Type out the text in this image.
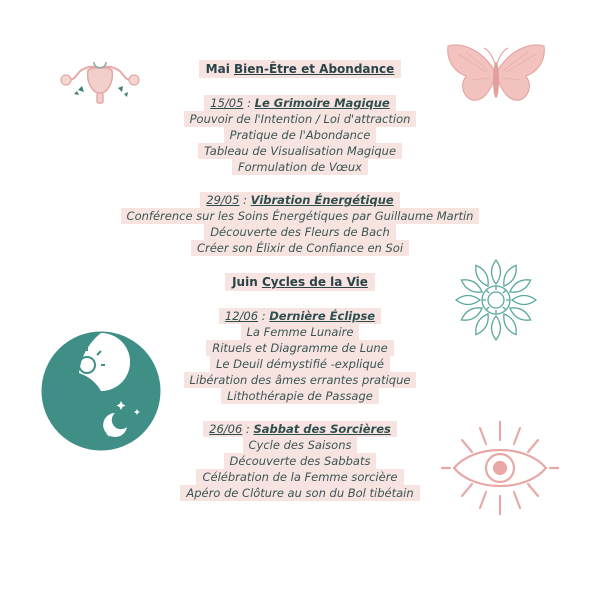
Mai Bien-Être et Abondance
15/05 : Le Grimoire Magique
Pouvoir de l'Intention / Loi d'attraction
Pratique de l'Abondance
Tableau de Visualisation Magique
Formulation de Vœux
29/05 : Vibration Énergétique
Conférence sur les Soins Énergétiques par Guillaume Martin
Découverte des Fleurs de Bach
Créer son Élixir de Confiance en Soi
Juin Cycles de la Vie
12/06 : Dernière Éclipse
La Femme Lunaire
Rituels et Diagramme de Lune
Le Deuil démystifié -expliqué
Libération des âmes errantes pratique
Lithothérapie de Passage
26/06 : Sabbat des Sorcières
Cycle des Saisons
Découverte des Sabbats
Célébration de la Femme sorcière
Apéro de Clôture au son du Bol tibétain
